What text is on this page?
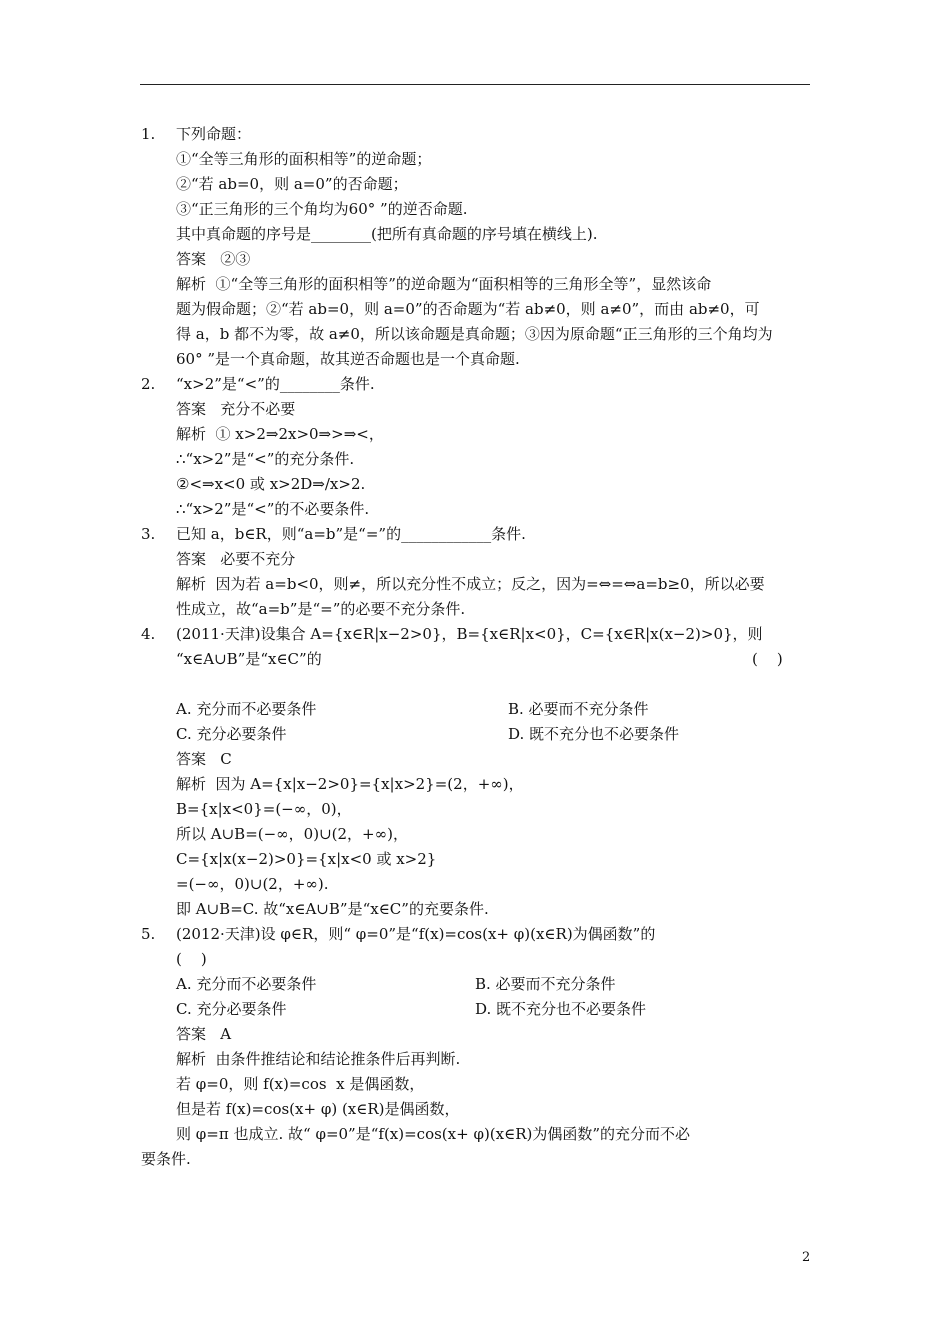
1. 下列命题：
①“全等三角形的面积相等”的逆命题；
②“若 ab=0，则 a=0”的否命题；
③“正三角形的三个角均为60° ”的逆否命题.
其中真命题的序号是________(把所有真命题的序号填在横线上).
答案   ②③
解析  ①“全等三角形的面积相等”的逆命题为“面积相等的三角形全等”，显然该命
题为假命题；②“若 ab=0，则 a=0”的否命题为“若 ab≠0，则 a≠0”，而由 ab≠0，可
得 a，b 都不为零，故 a≠0，所以该命题是真命题；③因为原命题“正三角形的三个角均为
60° ”是一个真命题，故其逆否命题也是一个真命题.
2. “x>2”是“<”的________条件.
答案   充分不必要
解析  ① x>2⇒2x>0⇒>⇒<，
∴“x>2”是“<”的充分条件.
②<⇒x<0 或 x>2D⇒/x>2.
∴“x>2”是“<”的不必要条件.
3. 已知 a，b∈R，则“a=b”是“=”的____________条件.
答案   必要不充分
解析  因为若 a=b<0，则≠，所以充分性不成立；反之，因为=⇔=⇔a=b≥0，所以必要
性成立，故“a=b”是“=”的必要不充分条件.
4. (2011·天津)设集合 A={x∈R|x−2>0}，B={x∈R|x<0}，C={x∈R|x(x−2)>0}，则
“x∈A∪B”是“x∈C”的	(    )
A. 充分而不必要条件	B. 必要而不充分条件
C. 充分必要条件	D. 既不充分也不必要条件
答案   C
解析  因为 A={x|x−2>0}={x|x>2}=(2，+∞)，
B={x|x<0}=(−∞，0)，
所以 A∪B=(−∞，0)∪(2，+∞)，
C={x|x(x−2)>0}={x|x<0 或 x>2}
=(−∞，0)∪(2，+∞).
即 A∪B=C. 故“x∈A∪B”是“x∈C”的充要条件.
5. (2012·天津)设 φ∈R，则“ φ=0”是“f(x)=cos(x+ φ)(x∈R)为偶函数”的
(    )
A. 充分而不必要条件	B. 必要而不充分条件
C. 充分必要条件	D. 既不充分也不必要条件
答案   A
解析  由条件推结论和结论推条件后再判断.
若 φ=0，则 f(x)=cos  x 是偶函数，
但是若 f(x)=cos(x+ φ) (x∈R)是偶函数，
则 φ=π 也成立. 故“ φ=0”是“f(x)=cos(x+ φ)(x∈R)为偶函数”的充分而不必
要条件.
2
